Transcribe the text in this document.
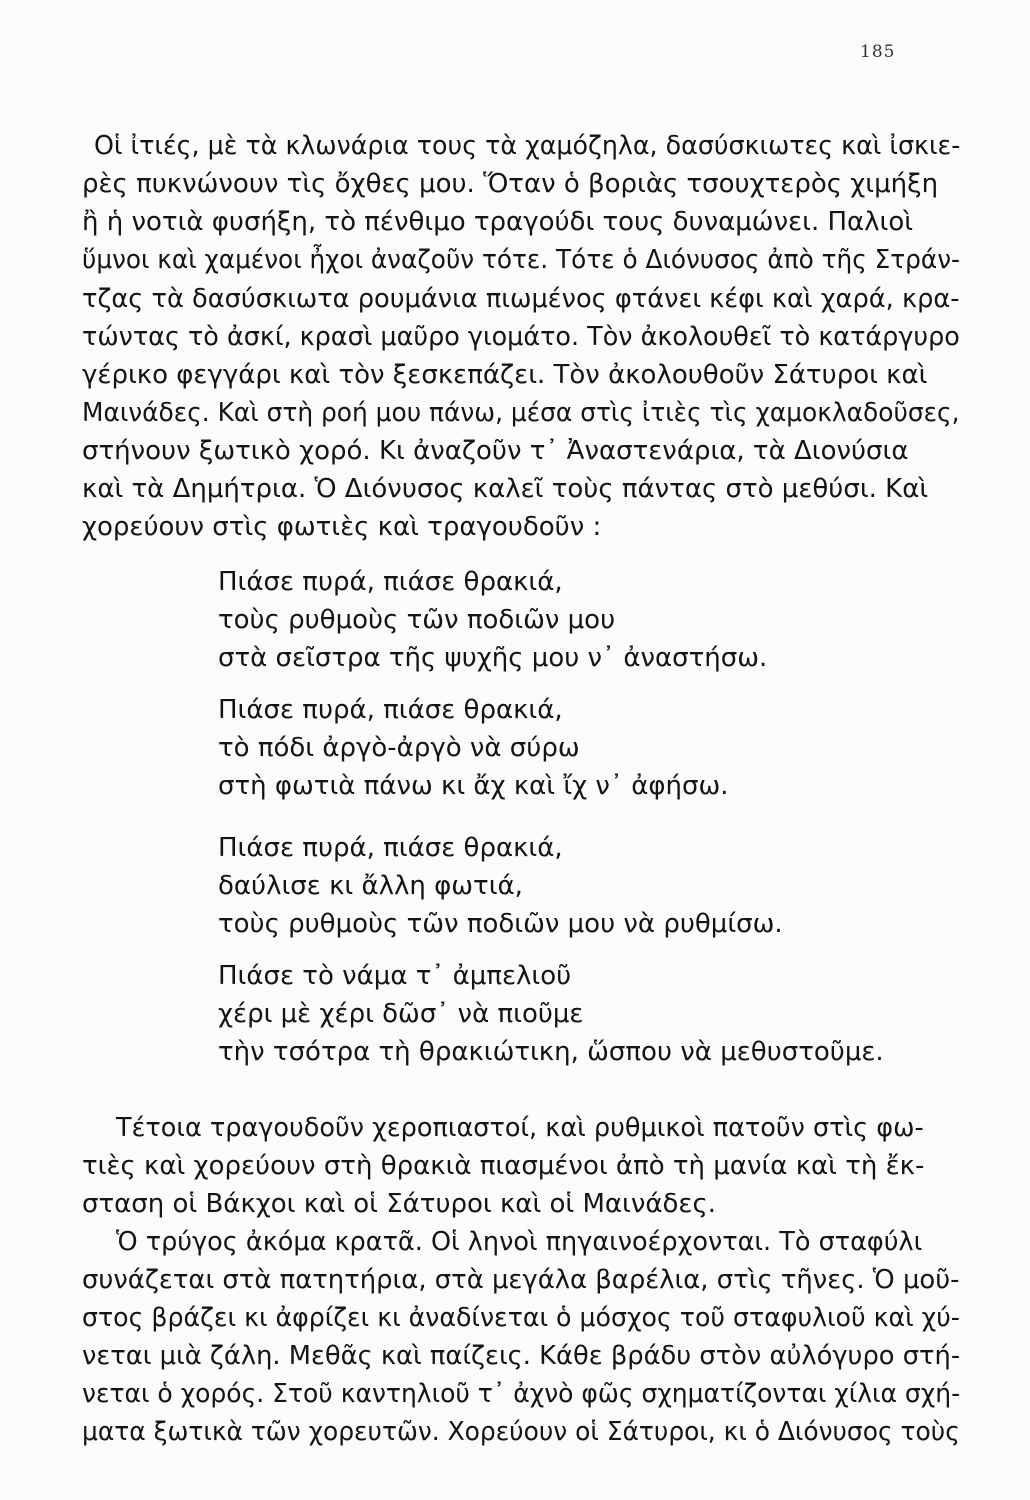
185
Οἱ ἰτιές, μὲ τὰ κλωνάρια τους τὰ χαμόζηλα, δασύσκιωτες καὶ ἰσκιε-
ρὲς πυκνώνουν τὶς ὄχθες μου. Ὅταν ὁ βοριὰς τσουχτερὸς χιμήξη
ἢ ἡ νοτιὰ φυσήξη, τὸ πένθιμο τραγούδι τους δυναμώνει. Παλιοὶ
ὕμνοι καὶ χαμένοι ἦχοι ἀναζοῦν τότε. Τότε ὁ Διόνυσος ἀπὸ τῆς Στράν-
τζας τὰ δασύσκιωτα ρουμάνια πιωμένος φτάνει κέφι καὶ χαρά, κρα-
τώντας τὸ ἀσκί, κρασὶ μαῦρο γιομάτο. Τὸν ἀκολουθεῖ τὸ κατάργυρο
γέρικο φεγγάρι καὶ τὸν ξεσκεπάζει. Τὸν ἀκολουθοῦν Σάτυροι καὶ
Μαινάδες. Καὶ στὴ ροή μου πάνω, μέσα στὶς ἰτιὲς τὶς χαμοκλαδοῦσες,
στήνουν ξωτικὸ χορό. Κι ἀναζοῦν τ᾽ Ἀναστενάρια, τὰ Διονύσια
καὶ τὰ Δημήτρια. Ὁ Διόνυσος καλεῖ τοὺς πάντας στὸ μεθύσι. Καὶ
χορεύουν στὶς φωτιὲς καὶ τραγουδοῦν :
Πιάσε πυρά, πιάσε θρακιά,
τοὺς ρυθμοὺς τῶν ποδιῶν μου
στὰ σεῖστρα τῆς ψυχῆς μου ν᾽ ἀναστήσω.
Πιάσε πυρά, πιάσε θρακιά,
τὸ πόδι ἀργὸ-ἀργὸ νὰ σύρω
στὴ φωτιὰ πάνω κι ἄχ καὶ ἴχ ν᾽ ἀφήσω.
Πιάσε πυρά, πιάσε θρακιά,
δαύλισε κι ἄλλη φωτιά,
τοὺς ρυθμοὺς τῶν ποδιῶν μου νὰ ρυθμίσω.
Πιάσε τὸ νάμα τ᾽ ἀμπελιοῦ
χέρι μὲ χέρι δῶσ᾽ νὰ πιοῦμε
τὴν τσότρα τὴ θρακιώτικη, ὥσπου νὰ μεθυστοῦμε.
Τέτοια τραγουδοῦν χεροπιαστοί, καὶ ρυθμικοὶ πατοῦν στὶς φω-
τιὲς καὶ χορεύουν στὴ θρακιὰ πιασμένοι ἀπὸ τὴ μανία καὶ τὴ ἔκ-
σταση οἱ Βάκχοι καὶ οἱ Σάτυροι καὶ οἱ Μαινάδες.
Ὁ τρύγος ἀκόμα κρατᾶ. Οἱ ληνοὶ πηγαινοέρχονται. Τὸ σταφύλι
συνάζεται στὰ πατητήρια, στὰ μεγάλα βαρέλια, στὶς τῆνες. Ὁ μοῦ-
στος βράζει κι ἀφρίζει κι ἀναδίνεται ὁ μόσχος τοῦ σταφυλιοῦ καὶ χύ-
νεται μιὰ ζάλη. Μεθᾶς καὶ παίζεις. Κάθε βράδυ στὸν αὐλόγυρο στή-
νεται ὁ χορός. Στοῦ καντηλιοῦ τ᾽ ἀχνὸ φῶς σχηματίζονται χίλια σχή-
ματα ξωτικὰ τῶν χορευτῶν. Χορεύουν οἱ Σάτυροι, κι ὁ Διόνυσος τοὺς
